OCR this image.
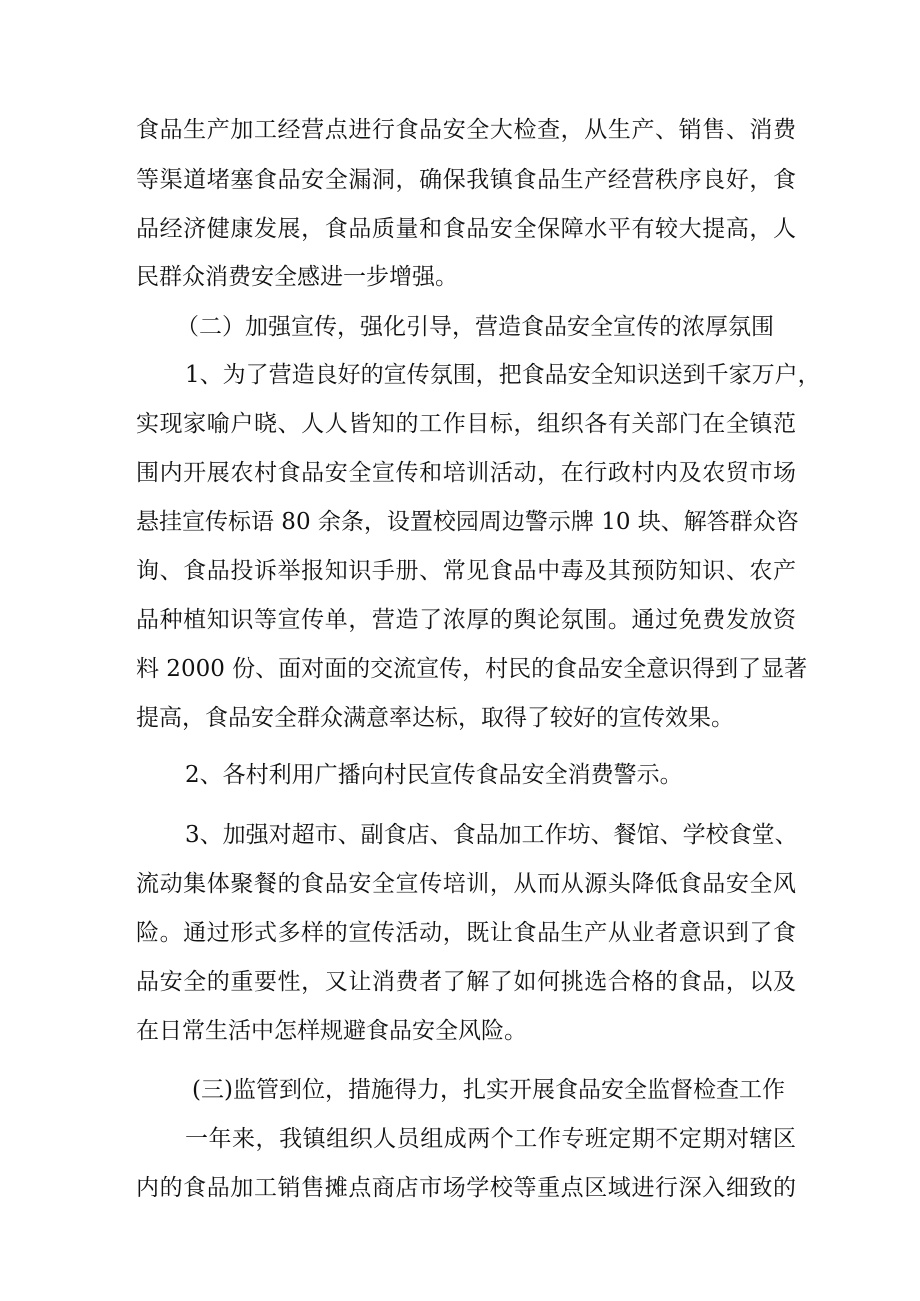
食品生产加工经营点进行食品安全大检查，从生产、销售、消费
等渠道堵塞食品安全漏洞，确保我镇食品生产经营秩序良好，食
品经济健康发展，食品质量和食品安全保障水平有较大提高，人
民群众消费安全感进一步增强。
（二）加强宣传，强化引导，营造食品安全宣传的浓厚氛围
1、为了营造良好的宣传氛围，把食品安全知识送到千家万户，
实现家喻户晓、人人皆知的工作目标，组织各有关部门在全镇范
围内开展农村食品安全宣传和培训活动，在行政村内及农贸市场
悬挂宣传标语 80 余条，设置校园周边警示牌 10 块、解答群众咨
询、食品投诉举报知识手册、常见食品中毒及其预防知识、农产
品种植知识等宣传单，营造了浓厚的舆论氛围。通过免费发放资
料 2000 份、面对面的交流宣传，村民的食品安全意识得到了显著
提高，食品安全群众满意率达标，取得了较好的宣传效果。
2、各村利用广播向村民宣传食品安全消费警示。
3、加强对超市、副食店、食品加工作坊、餐馆、学校食堂、
流动集体聚餐的食品安全宣传培训，从而从源头降低食品安全风
险。通过形式多样的宣传活动，既让食品生产从业者意识到了食
品安全的重要性，又让消费者了解了如何挑选合格的食品，以及
在日常生活中怎样规避食品安全风险。
(三)监管到位，措施得力，扎实开展食品安全监督检查工作
一年来，我镇组织人员组成两个工作专班定期不定期对辖区
内的食品加工销售摊点商店市场学校等重点区域进行深入细致的
